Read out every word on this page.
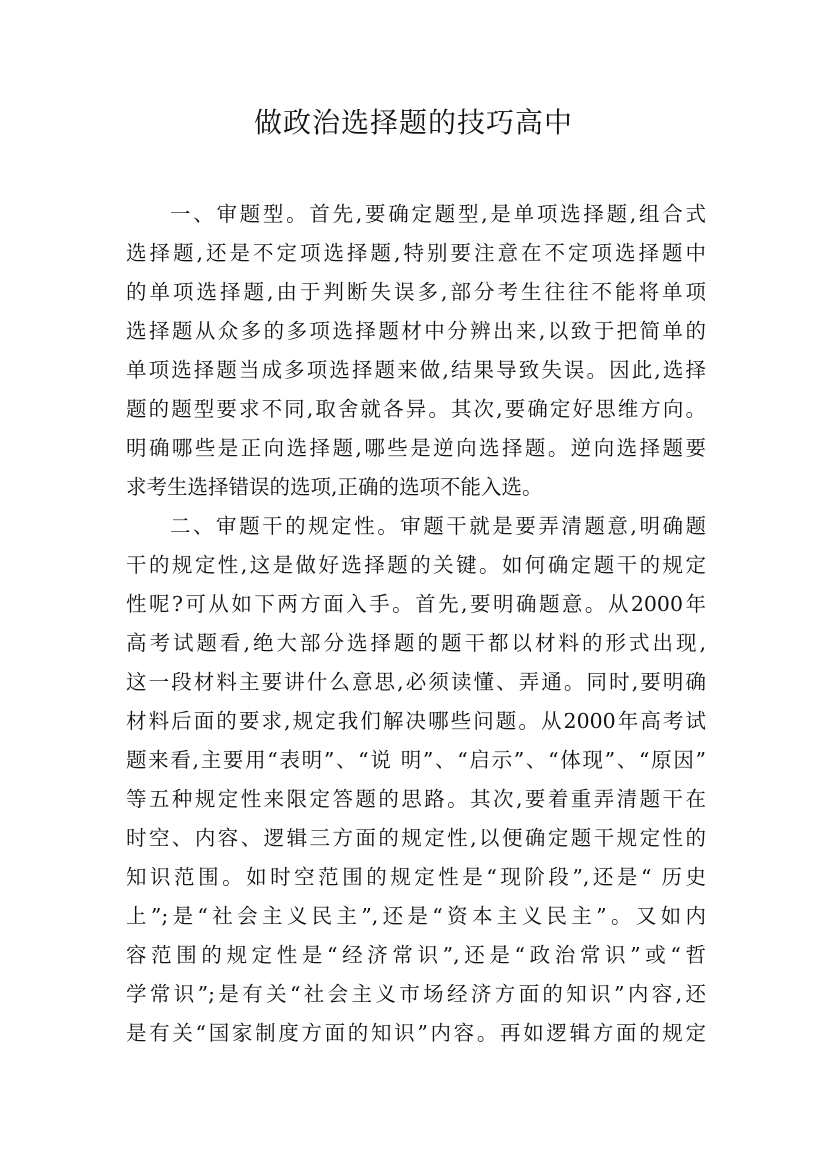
做政治选择题的技巧高中
一、审题型。首先,要确定题型,是单项选择题,组合式
选择题,还是不定项选择题,特别要注意在不定项选择题中
的单项选择题,由于判断失误多,部分考生往往不能将单项
选择题从众多的多项选择题材中分辨出来,以致于把简单的
单项选择题当成多项选择题来做,结果导致失误。因此,选择
题的题型要求不同,取舍就各异。其次,要确定好思维方向。
明确哪些是正向选择题,哪些是逆向选择题。逆向选择题要
求考生选择错误的选项,正确的选项不能入选。
二、审题干的规定性。审题干就是要弄清题意,明确题
干的规定性,这是做好选择题的关键。如何确定题干的规定
性呢?可从如下两方面入手。首先,要明确题意。从2000年
高考试题看,绝大部分选择题的题干都以材料的形式出现,
这一段材料主要讲什么意思,必须读懂、弄通。同时,要明确
材料后面的要求,规定我们解决哪些问题。从2000年高考试
题来看,主要用“表明”、“说 明”、“启示”、“体现”、“原因”
等五种规定性来限定答题的思路。其次,要着重弄清题干在
时空、内容、逻辑三方面的规定性,以便确定题干规定性的
知识范围。如时空范围的规定性是“现阶段”,还是“ 历史
上”;是“社会主义民主”,还是“资本主义民主”。又如内
容范围的规定性是“经济常识”,还是“政治常识”或“哲
学常识”;是有关“社会主义市场经济方面的知识”内容,还
是有关“国家制度方面的知识”内容。再如逻辑方面的规定
